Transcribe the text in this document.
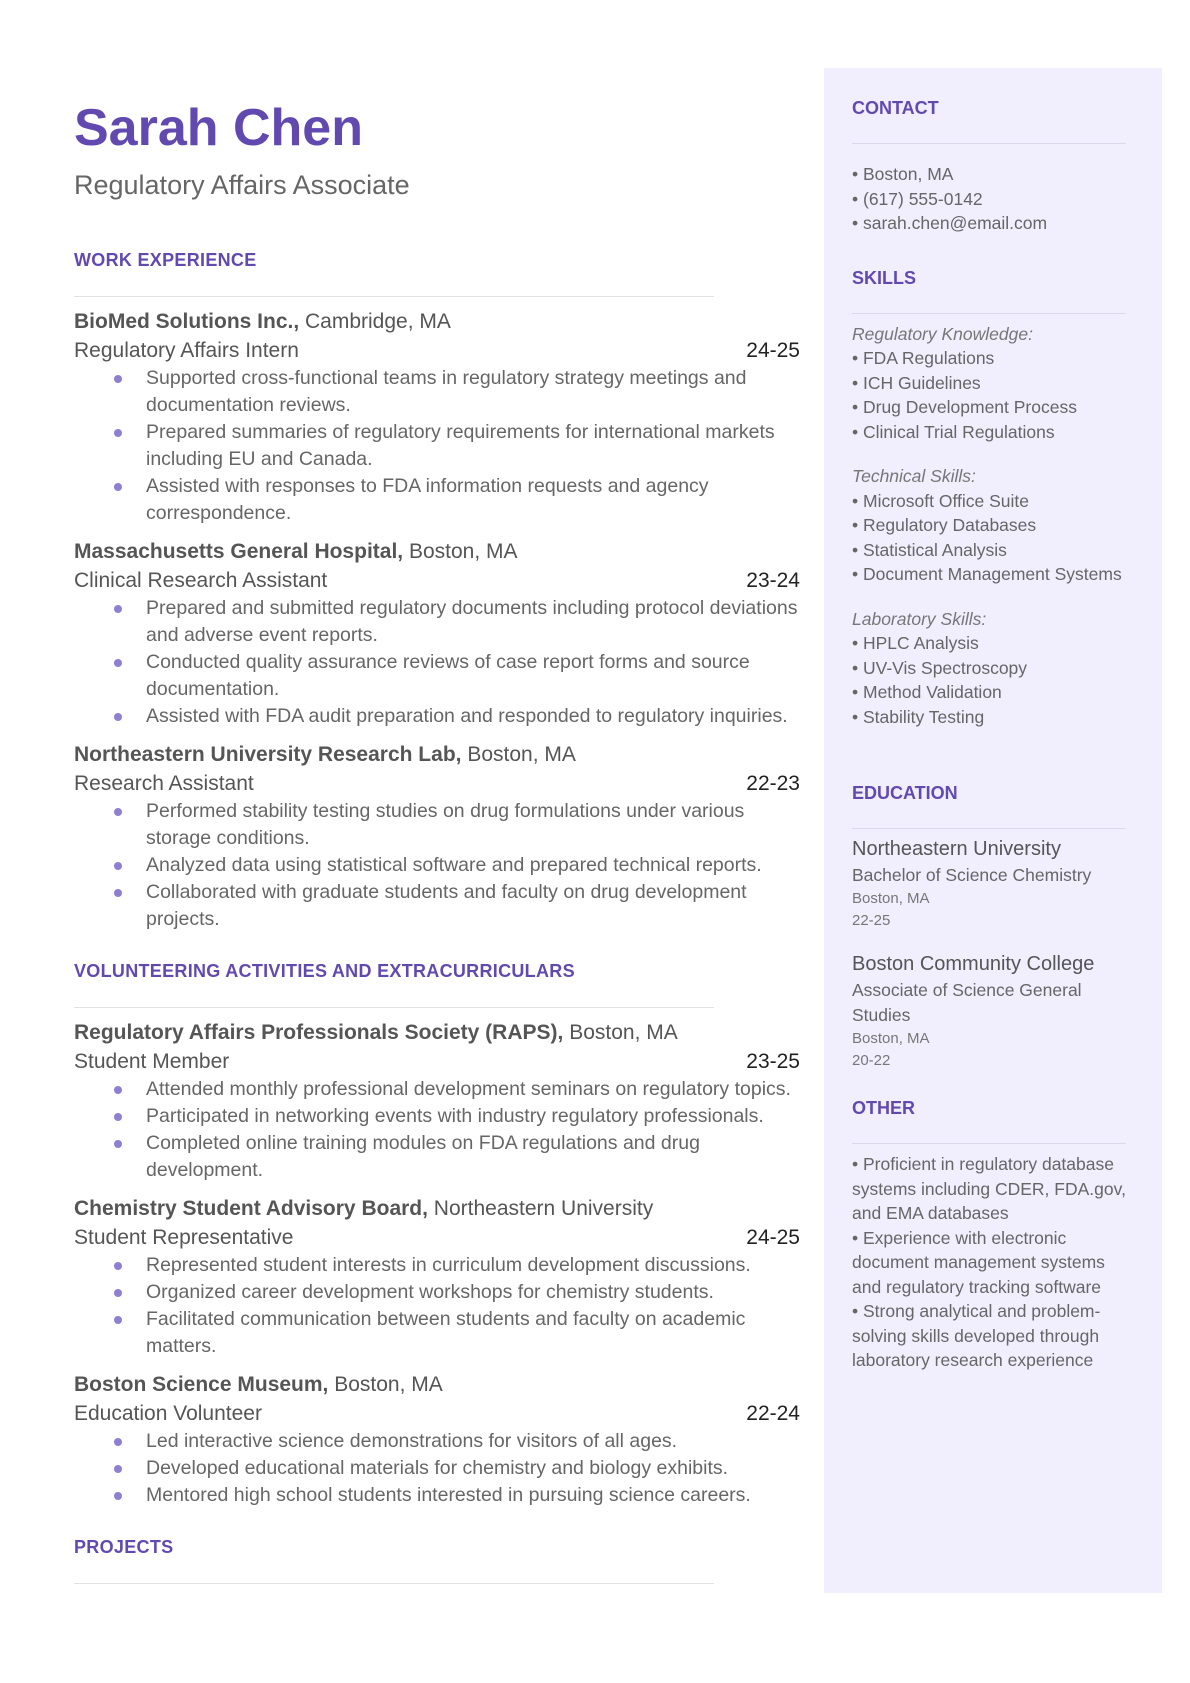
Sarah Chen
Regulatory Affairs Associate
WORK EXPERIENCE
BioMed Solutions Inc., Cambridge, MA
Regulatory Affairs Intern	24-25
Supported cross-functional teams in regulatory strategy meetings and documentation reviews.
Prepared summaries of regulatory requirements for international markets including EU and Canada.
Assisted with responses to FDA information requests and agency correspondence.
Massachusetts General Hospital, Boston, MA
Clinical Research Assistant	23-24
Prepared and submitted regulatory documents including protocol deviations and adverse event reports.
Conducted quality assurance reviews of case report forms and source documentation.
Assisted with FDA audit preparation and responded to regulatory inquiries.
Northeastern University Research Lab, Boston, MA
Research Assistant	22-23
Performed stability testing studies on drug formulations under various storage conditions.
Analyzed data using statistical software and prepared technical reports.
Collaborated with graduate students and faculty on drug development projects.
VOLUNTEERING ACTIVITIES AND EXTRACURRICULARS
Regulatory Affairs Professionals Society (RAPS), Boston, MA
Student Member	23-25
Attended monthly professional development seminars on regulatory topics.
Participated in networking events with industry regulatory professionals.
Completed online training modules on FDA regulations and drug development.
Chemistry Student Advisory Board, Northeastern University
Student Representative	24-25
Represented student interests in curriculum development discussions.
Organized career development workshops for chemistry students.
Facilitated communication between students and faculty on academic matters.
Boston Science Museum, Boston, MA
Education Volunteer	22-24
Led interactive science demonstrations for visitors of all ages.
Developed educational materials for chemistry and biology exhibits.
Mentored high school students interested in pursuing science careers.
PROJECTS
CONTACT
• Boston, MA
• (617) 555-0142
• sarah.chen@email.com
SKILLS
Regulatory Knowledge:
• FDA Regulations
• ICH Guidelines
• Drug Development Process
• Clinical Trial Regulations
Technical Skills:
• Microsoft Office Suite
• Regulatory Databases
• Statistical Analysis
• Document Management Systems
Laboratory Skills:
• HPLC Analysis
• UV-Vis Spectroscopy
• Method Validation
• Stability Testing
EDUCATION
Northeastern University
Bachelor of Science Chemistry
Boston, MA
22-25
Boston Community College
Associate of Science General Studies
Boston, MA
20-22
OTHER
• Proficient in regulatory database systems including CDER, FDA.gov, and EMA databases
• Experience with electronic document management systems and regulatory tracking software
• Strong analytical and problem-solving skills developed through laboratory research experience
